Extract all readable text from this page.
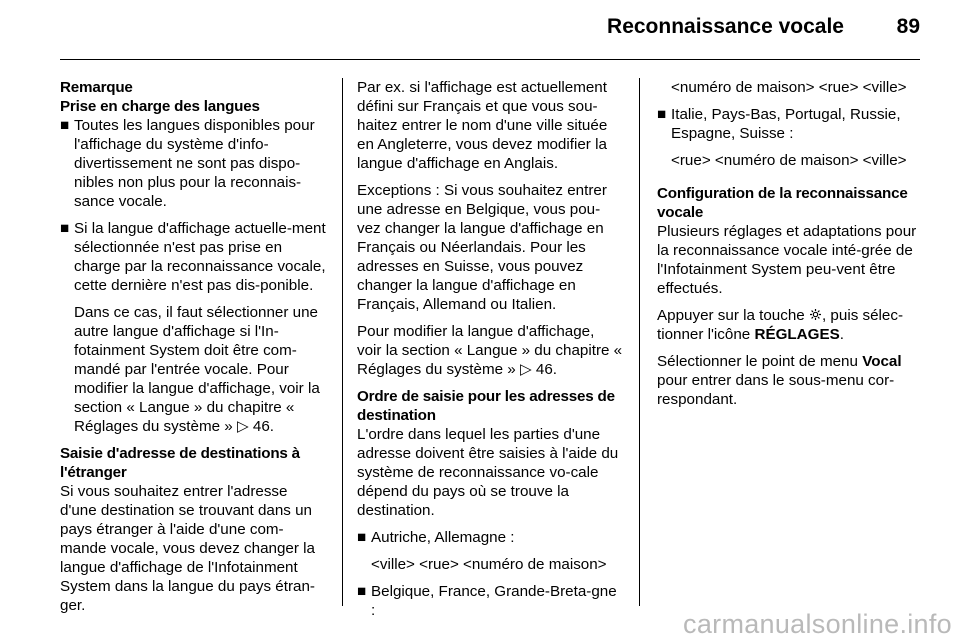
Reconnaissance vocale	89
Remarque
Prise en charge des langues
■ Toutes les langues disponibles pour l'affichage du système d'info-divertissement ne sont pas dispo-nibles non plus pour la reconnais-sance vocale.
■ Si la langue d'affichage actuelle-ment sélectionnée n'est pas prise en charge par la reconnaissance vocale, cette dernière n'est pas dis-ponible.
Dans ce cas, il faut sélectionner une autre langue d'affichage si l'In-fotainment System doit être com-mandé par l'entrée vocale. Pour modifier la langue d'affichage, voir la section « Langue » du chapitre « Réglages du système » ▷ 46.
Saisie d'adresse de destinations à
l'étranger

Si vous souhaitez entrer l'adresse d'une destination se trouvant dans un pays étranger à l'aide d'une com-mande vocale, vous devez changer la langue d'affichage de l'Infotainment System dans la langue du pays étran-ger.

Par ex. si l'affichage est actuellement défini sur Français et que vous sou-haitez entrer le nom d'une ville située en Angleterre, vous devez modifier la langue d'affichage en Anglais.

Exceptions : Si vous souhaitez entrer une adresse en Belgique, vous pou-vez changer la langue d'affichage en Français ou Néerlandais. Pour les adresses en Suisse, vous pouvez changer la langue d'affichage en Français, Allemand ou Italien.

Pour modifier la langue d'affichage, voir la section « Langue » du chapitre « Réglages du système » ▷ 46.

Ordre de saisie pour les adresses de
destination

L'ordre dans lequel les parties d'une adresse doivent être saisies à l'aide du système de reconnaissance vo-cale dépend du pays où se trouve la destination.

■ Autriche, Allemagne :
<ville> <rue> <numéro de maison>
■ Belgique, France, Grande-Breta-gne :
<numéro de maison> <rue> <ville>
■ Italie, Pays-Bas, Portugal, Russie, Espagne, Suisse :
<rue> <numéro de maison> <ville>
Configuration de la reconnaissance
vocale

Plusieurs réglages et adaptations pour la reconnaissance vocale inté-grée de l'Infotainment System peu-vent être effectués.

Appuyer sur la touche , puis sélec-tionner l'icône RÉGLAGES.

Sélectionner le point de menu Vocal pour entrer dans le sous-menu cor-respondant.

carmanualsonline.info
